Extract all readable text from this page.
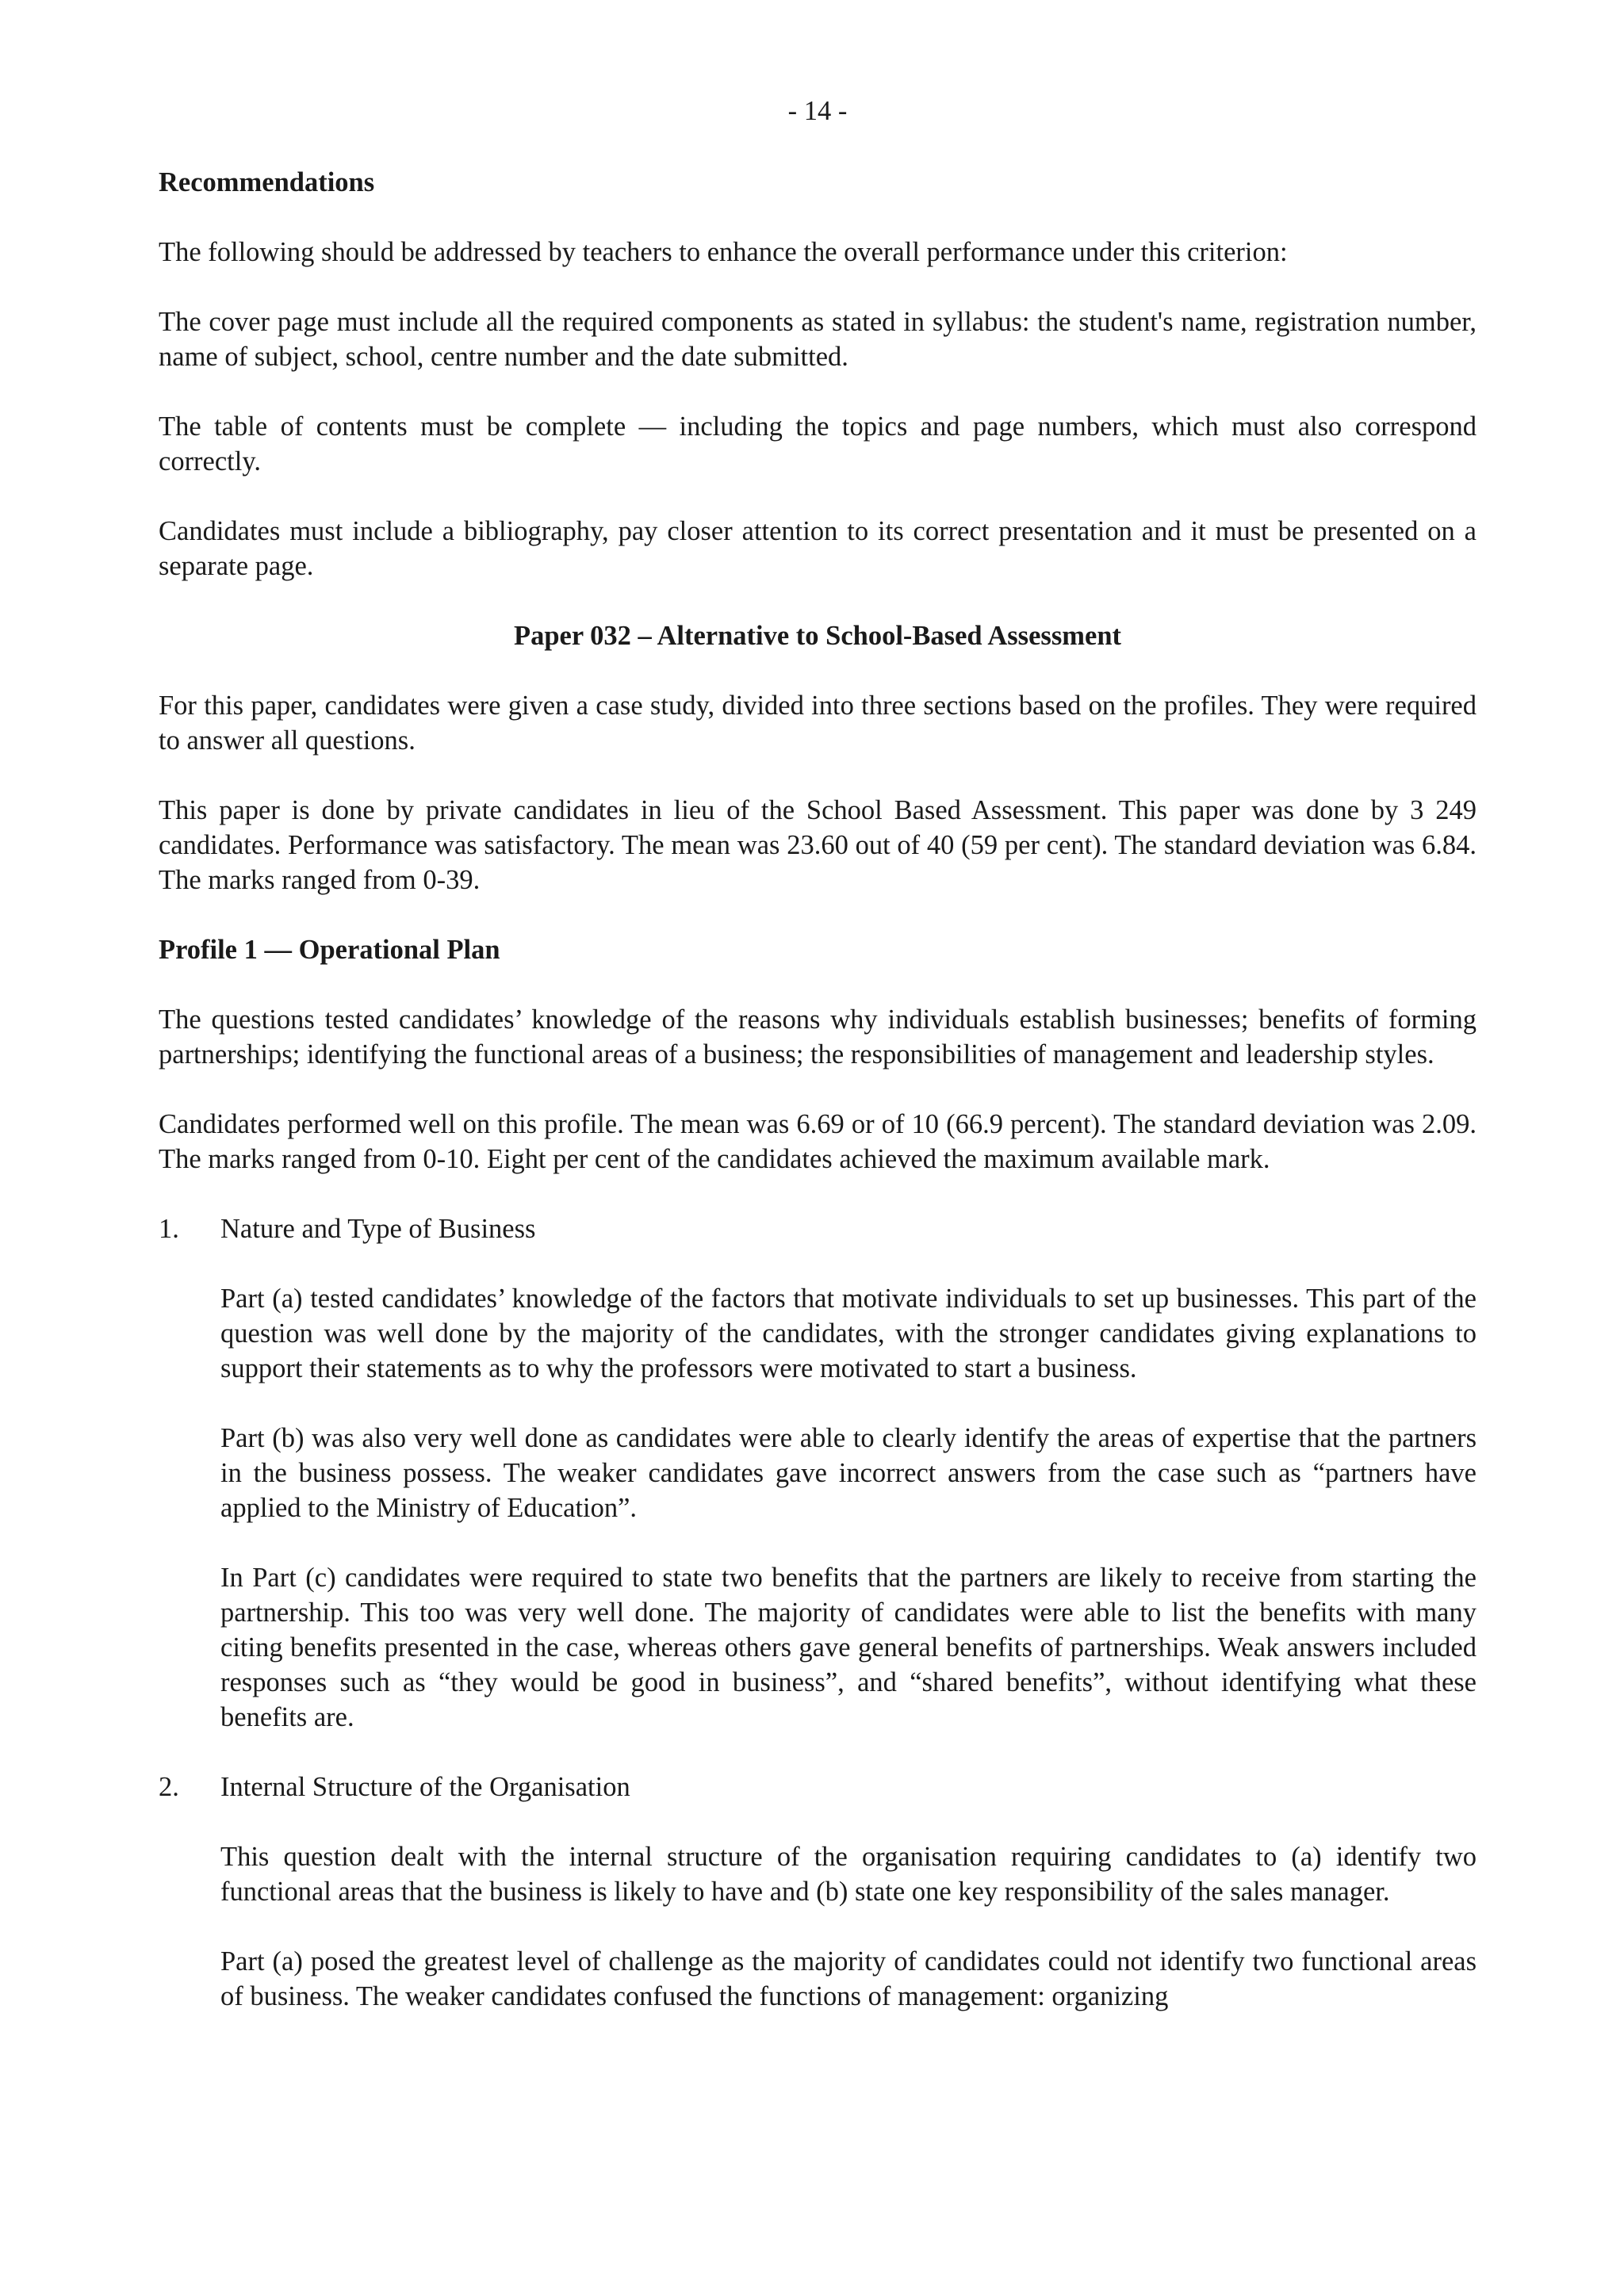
- 14 -
Recommendations

The following should be addressed by teachers to enhance the overall performance under this criterion:

The cover page must include all the required components as stated in syllabus: the student's name, registration number, name of subject, school, centre number and the date submitted.

The table of contents must be complete — including the topics and page numbers, which must also correspond correctly.

Candidates must include a bibliography, pay closer attention to its correct presentation and it must be presented on a separate page.

Paper 032 – Alternative to School-Based Assessment

For this paper, candidates were given a case study, divided into three sections based on the profiles. They were required to answer all questions.

This paper is done by private candidates in lieu of the School Based Assessment. This paper was done by 3 249 candidates. Performance was satisfactory. The mean was 23.60 out of 40 (59 per cent). The standard deviation was 6.84. The marks ranged from 0-39.

Profile 1 — Operational Plan

The questions tested candidates’ knowledge of the reasons why individuals establish businesses; benefits of forming partnerships; identifying the functional areas of a business; the responsibilities of management and leadership styles.

Candidates performed well on this profile. The mean was 6.69 or of 10 (66.9 percent). The standard deviation was 2.09. The marks ranged from 0-10. Eight per cent of the candidates achieved the maximum available mark.

1. Nature and Type of Business

Part (a) tested candidates’ knowledge of the factors that motivate individuals to set up businesses. This part of the question was well done by the majority of the candidates, with the stronger candidates giving explanations to support their statements as to why the professors were motivated to start a business.

Part (b) was also very well done as candidates were able to clearly identify the areas of expertise that the partners in the business possess. The weaker candidates gave incorrect answers from the case such as “partners have applied to the Ministry of Education”.

In Part (c) candidates were required to state two benefits that the partners are likely to receive from starting the partnership. This too was very well done. The majority of candidates were able to list the benefits with many citing benefits presented in the case, whereas others gave general benefits of partnerships. Weak answers included responses such as “they would be good in business”, and “shared benefits”, without identifying what these benefits are.

2. Internal Structure of the Organisation

This question dealt with the internal structure of the organisation requiring candidates to (a) identify two functional areas that the business is likely to have and (b) state one key responsibility of the sales manager.

Part (a) posed the greatest level of challenge as the majority of candidates could not identify two functional areas of business. The weaker candidates confused the functions of management: organizing
